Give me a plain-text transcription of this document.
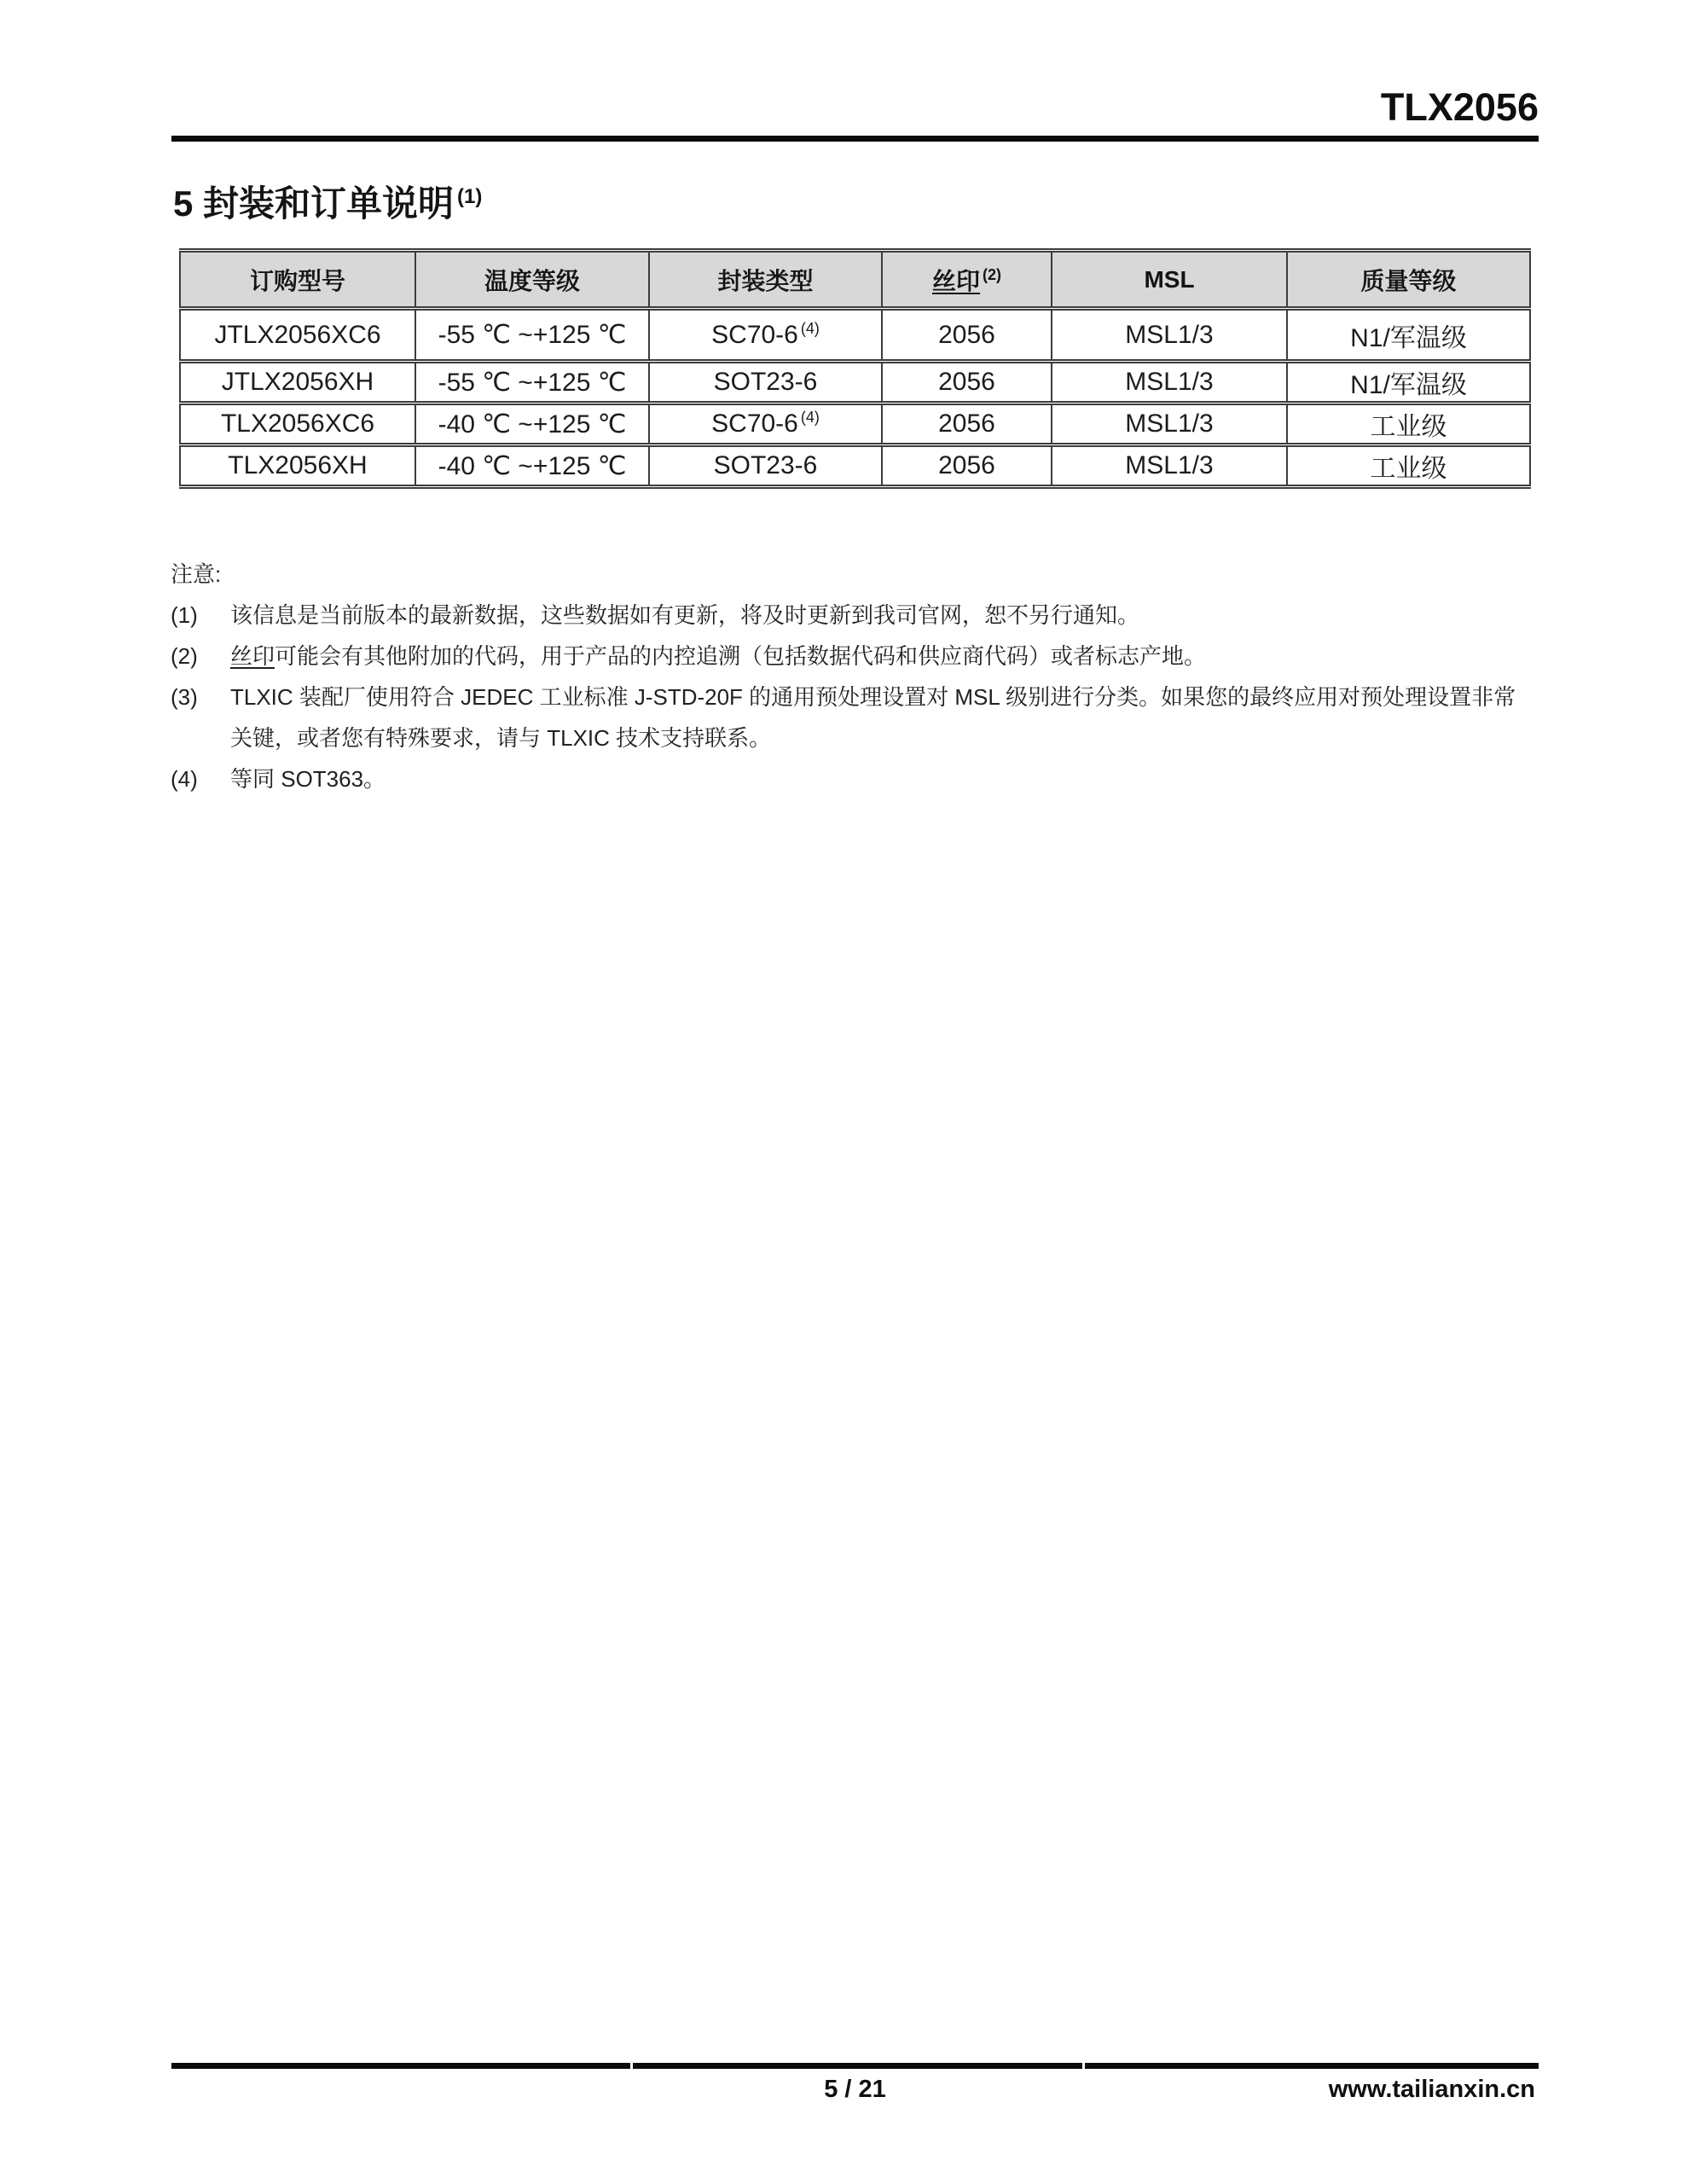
TLX2056
5 封装和订单说明 $^{(1)}$
订购型号	温度等级	封装类型	丝印 $^{(2)}$	MSL	质量等级
JTLX2056XC6	-55 ℃ ~+125 ℃	SC70-6 $^{(4)}$	2056	MSL1/3	N1/军温级
JTLX2056XH	-55 ℃ ~+125 ℃	SOT23-6	2056	MSL1/3	N1/军温级
TLX2056XC6	-40 ℃ ~+125 ℃	SC70-6 $^{(4)}$	2056	MSL1/3	工业级
TLX2056XH	-40 ℃ ~+125 ℃	SOT23-6	2056	MSL1/3	工业级
注意:
(1)	该信息是当前版本的最新数据，这些数据如有更新，将及时更新到我司官网，恕不另行通知。
(2)	丝印可能会有其他附加的代码，用于产品的内控追溯（包括数据代码和供应商代码）或者标志产地。
(3)	TLXIC 装配厂使用符合 JEDEC 工业标准 J-STD-20F 的通用预处理设置对 MSL 级别进行分类。如果您的最终应用对预处理设置非常关键，或者您有特殊要求，请与 TLXIC 技术支持联系。
(4)	等同 SOT363。
5 / 21	www.tailianxin.cn
